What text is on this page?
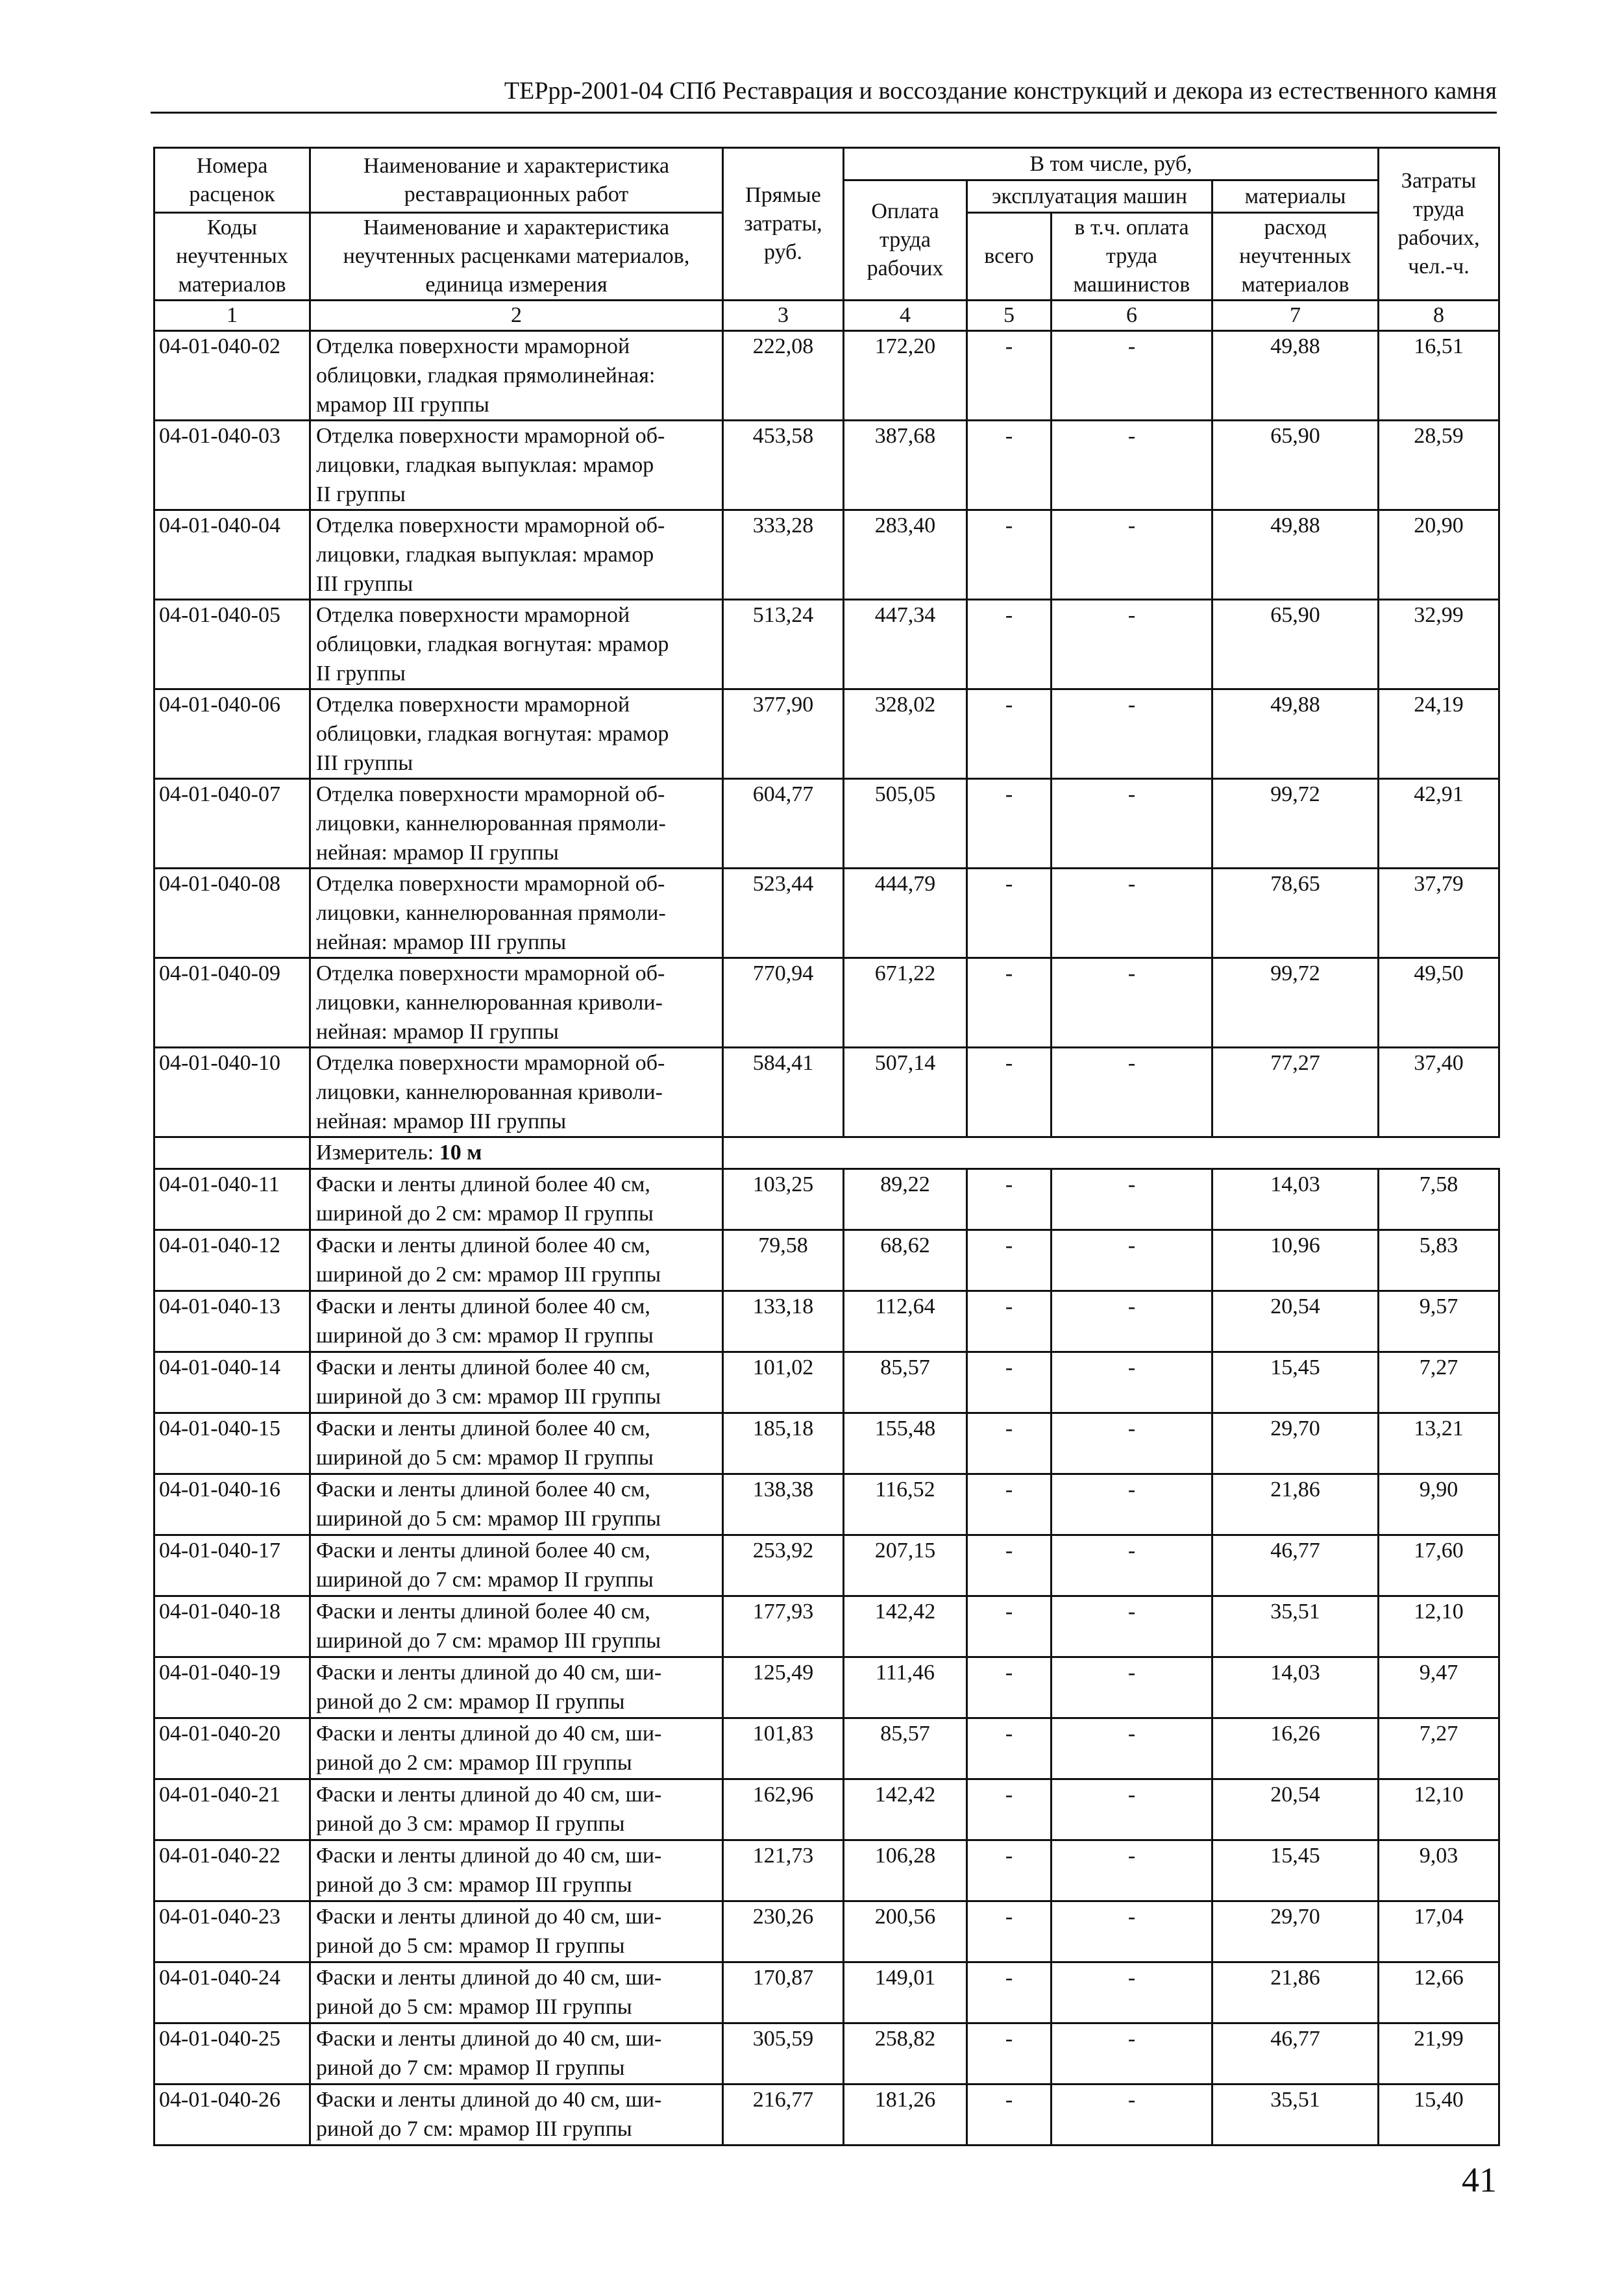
ТЕРрр-2001-04 СПб Реставрация и воссоздание конструкций и декора из естественного камня
Номера расценок	Наименование и характеристика реставрационных работ	Прямые затраты, руб.	В том числе, руб,				Затраты труда рабочих, чел.-ч.
			Оплата труда рабочих	эксплуатация машин		материалы	
Коды неучтенных материалов	Наименование и характеристика неучтенных расценками материалов, единица измерения			всего	в т.ч. оплата труда машинистов	расход неучтенных материалов	

1	2	3	4	5	6	7	8
04-01-040-02	Отделка поверхности мраморной
облицовки, гладкая прямолинейная:
мрамор III группы	222,08	172,20	-	-	49,88	16,51
04-01-040-03	Отделка поверхности мраморной об-
лицовки, гладкая выпуклая: мрамор
II группы	453,58	387,68	-	-	65,90	28,59
04-01-040-04	Отделка поверхности мраморной об-
лицовки, гладкая выпуклая: мрамор
III группы	333,28	283,40	-	-	49,88	20,90
04-01-040-05	Отделка поверхности мраморной
облицовки, гладкая вогнутая: мрамор
II группы	513,24	447,34	-	-	65,90	32,99
04-01-040-06	Отделка поверхности мраморной
облицовки, гладкая вогнутая: мрамор
III группы	377,90	328,02	-	-	49,88	24,19
04-01-040-07	Отделка поверхности мраморной об-
лицовки, каннелюрованная прямоли-
нейная: мрамор II группы	604,77	505,05	-	-	99,72	42,91
04-01-040-08	Отделка поверхности мраморной об-
лицовки, каннелюрованная прямоли-
нейная: мрамор III группы	523,44	444,79	-	-	78,65	37,79
04-01-040-09	Отделка поверхности мраморной об-
лицовки, каннелюрованная криволи-
нейная: мрамор II группы	770,94	671,22	-	-	99,72	49,50
04-01-040-10	Отделка поверхности мраморной об-
лицовки, каннелюрованная криволи-
нейная: мрамор III группы	584,41	507,14	-	-	77,27	37,40
	Измеритель: 10 м						
04-01-040-11	Фаски и ленты длиной более 40 см,
шириной до 2 см: мрамор II группы	103,25	89,22	-	-	14,03	7,58
04-01-040-12	Фаски и ленты длиной более 40 см,
шириной до 2 см: мрамор III группы	79,58	68,62	-	-	10,96	5,83
04-01-040-13	Фаски и ленты длиной более 40 см,
шириной до 3 см: мрамор II группы	133,18	112,64	-	-	20,54	9,57
04-01-040-14	Фаски и ленты длиной более 40 см,
шириной до 3 см: мрамор III группы	101,02	85,57	-	-	15,45	7,27
04-01-040-15	Фаски и ленты длиной более 40 см,
шириной до 5 см: мрамор II группы	185,18	155,48	-	-	29,70	13,21
04-01-040-16	Фаски и ленты длиной более 40 см,
шириной до 5 см: мрамор III группы	138,38	116,52	-	-	21,86	9,90
04-01-040-17	Фаски и ленты длиной более 40 см,
шириной до 7 см: мрамор II группы	253,92	207,15	-	-	46,77	17,60
04-01-040-18	Фаски и ленты длиной более 40 см,
шириной до 7 см: мрамор III группы	177,93	142,42	-	-	35,51	12,10
04-01-040-19	Фаски и ленты длиной до 40 см, ши-
риной до 2 см: мрамор II группы	125,49	111,46	-	-	14,03	9,47
04-01-040-20	Фаски и ленты длиной до 40 см, ши-
риной до 2 см: мрамор III группы	101,83	85,57	-	-	16,26	7,27
04-01-040-21	Фаски и ленты длиной до 40 см, ши-
риной до 3 см: мрамор II группы	162,96	142,42	-	-	20,54	12,10
04-01-040-22	Фаски и ленты длиной до 40 см, ши-
риной до 3 см: мрамор III группы	121,73	106,28	-	-	15,45	9,03
04-01-040-23	Фаски и ленты длиной до 40 см, ши-
риной до 5 см: мрамор II группы	230,26	200,56	-	-	29,70	17,04
04-01-040-24	Фаски и ленты длиной до 40 см, ши-
риной до 5 см: мрамор III группы	170,87	149,01	-	-	21,86	12,66
04-01-040-25	Фаски и ленты длиной до 40 см, ши-
риной до 7 см: мрамор II группы	305,59	258,82	-	-	46,77	21,99
04-01-040-26	Фаски и ленты длиной до 40 см, ши-
риной до 7 см: мрамор III группы	216,77	181,26	-	-	35,51	15,40
41
